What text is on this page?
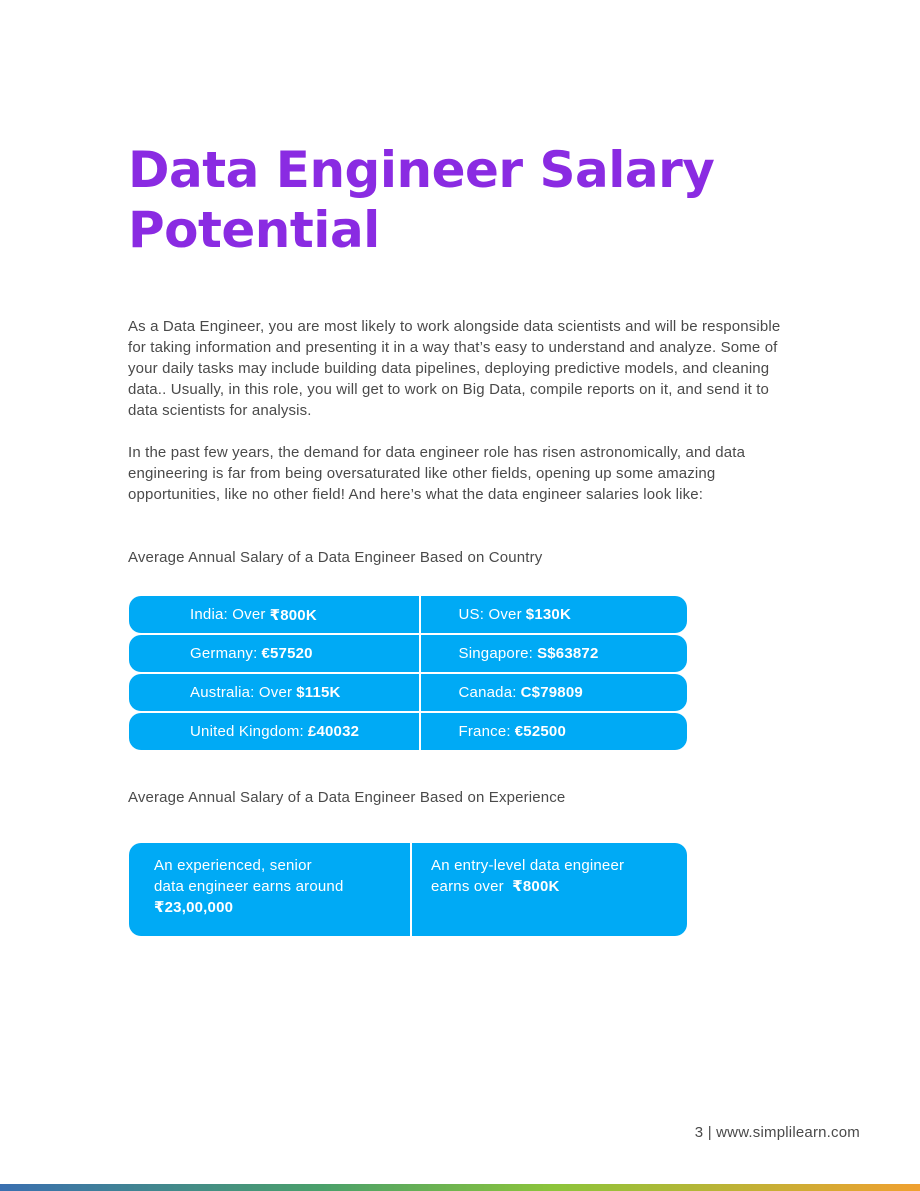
Data Engineer Salary
Potential

As a Data Engineer, you are most likely to work alongside data scientists and will be responsible for taking information and presenting it in a way that’s easy to understand and analyze. Some of your daily tasks may include building data pipelines, deploying predictive models, and cleaning data.. Usually, in this role, you will get to work on Big Data, compile reports on it, and send it to data scientists for analysis.

In the past few years, the demand for data engineer role has risen astronomically, and data engineering is far from being oversaturated like other fields, opening up some amazing opportunities, like no other field! And here’s what the data engineer salaries look like:

Average Annual Salary of a Data Engineer Based on Country

India: Over ₹800K	US: Over $130K
Germany: €57520	Singapore: S$63872
Australia: Over $115K	Canada: C$79809
United Kingdom: £40032	France: €52500

Average Annual Salary of a Data Engineer Based on Experience

An experienced, senior
data engineer earns around
₹23,00,000
An entry-level data engineer
earns over ₹800K
3 | www.simplilearn.com
